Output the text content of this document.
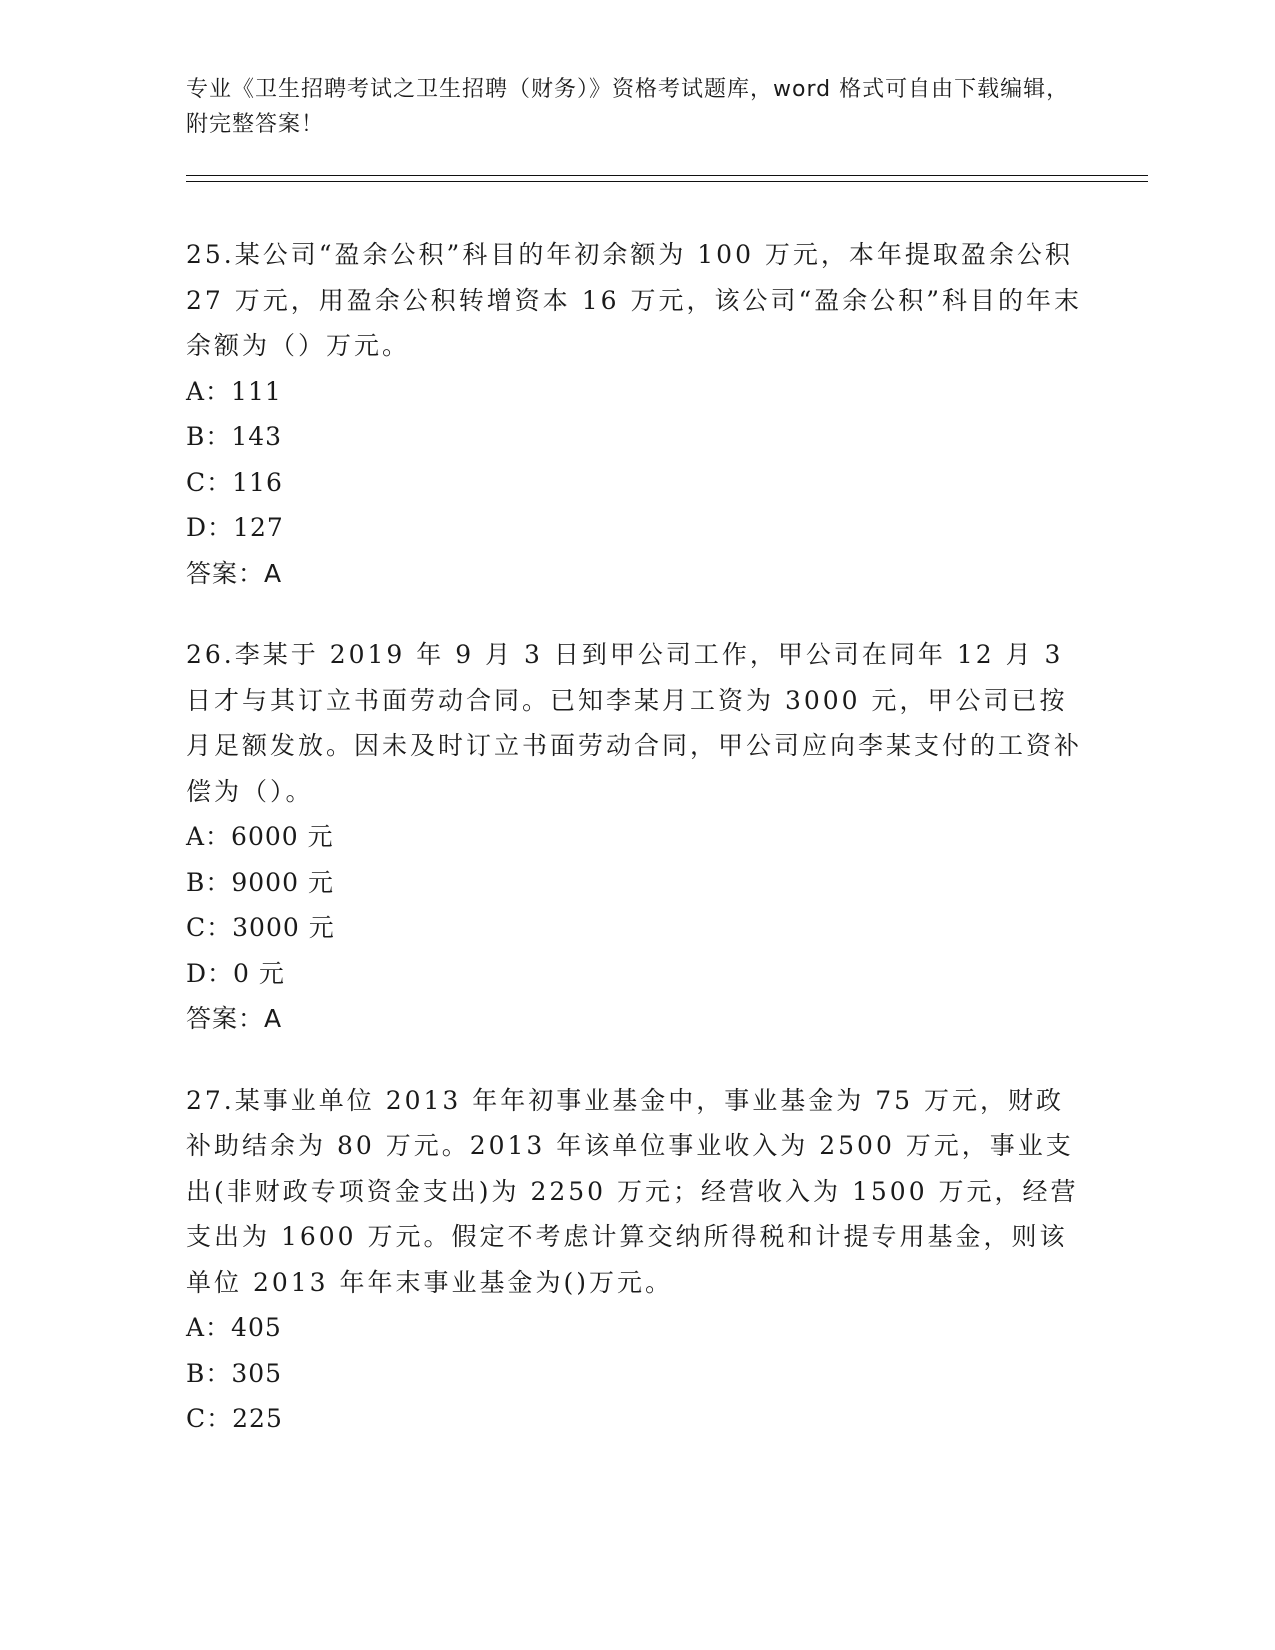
专业《卫生招聘考试之卫生招聘（财务）》资格考试题库，word 格式可自由下载编辑，附完整答案！

25.某公司“盈余公积”科目的年初余额为 100 万元，本年提取盈余公积 27 万元，用盈余公积转增资本 16 万元，该公司“盈余公积”科目的年末余额为（）万元。

A：111

B：143

C：116

D：127

答案：A

26.李某于 2019 年 9 月 3 日到甲公司工作，甲公司在同年 12 月 3 日才与其订立书面劳动合同。已知李某月工资为 3000 元，甲公司已按月足额发放。因未及时订立书面劳动合同，甲公司应向李某支付的工资补偿为（）。

A：6000 元

B：9000 元

C：3000 元

D：0 元

答案：A

27.某事业单位 2013 年年初事业基金中，事业基金为 75 万元，财政补助结余为 80 万元。2013 年该单位事业收入为 2500 万元，事业支出(非财政专项资金支出)为 2250 万元；经营收入为 1500 万元，经营支出为 1600 万元。假定不考虑计算交纳所得税和计提专用基金，则该单位 2013 年年末事业基金为()万元。

A：405

B：305

C：225
